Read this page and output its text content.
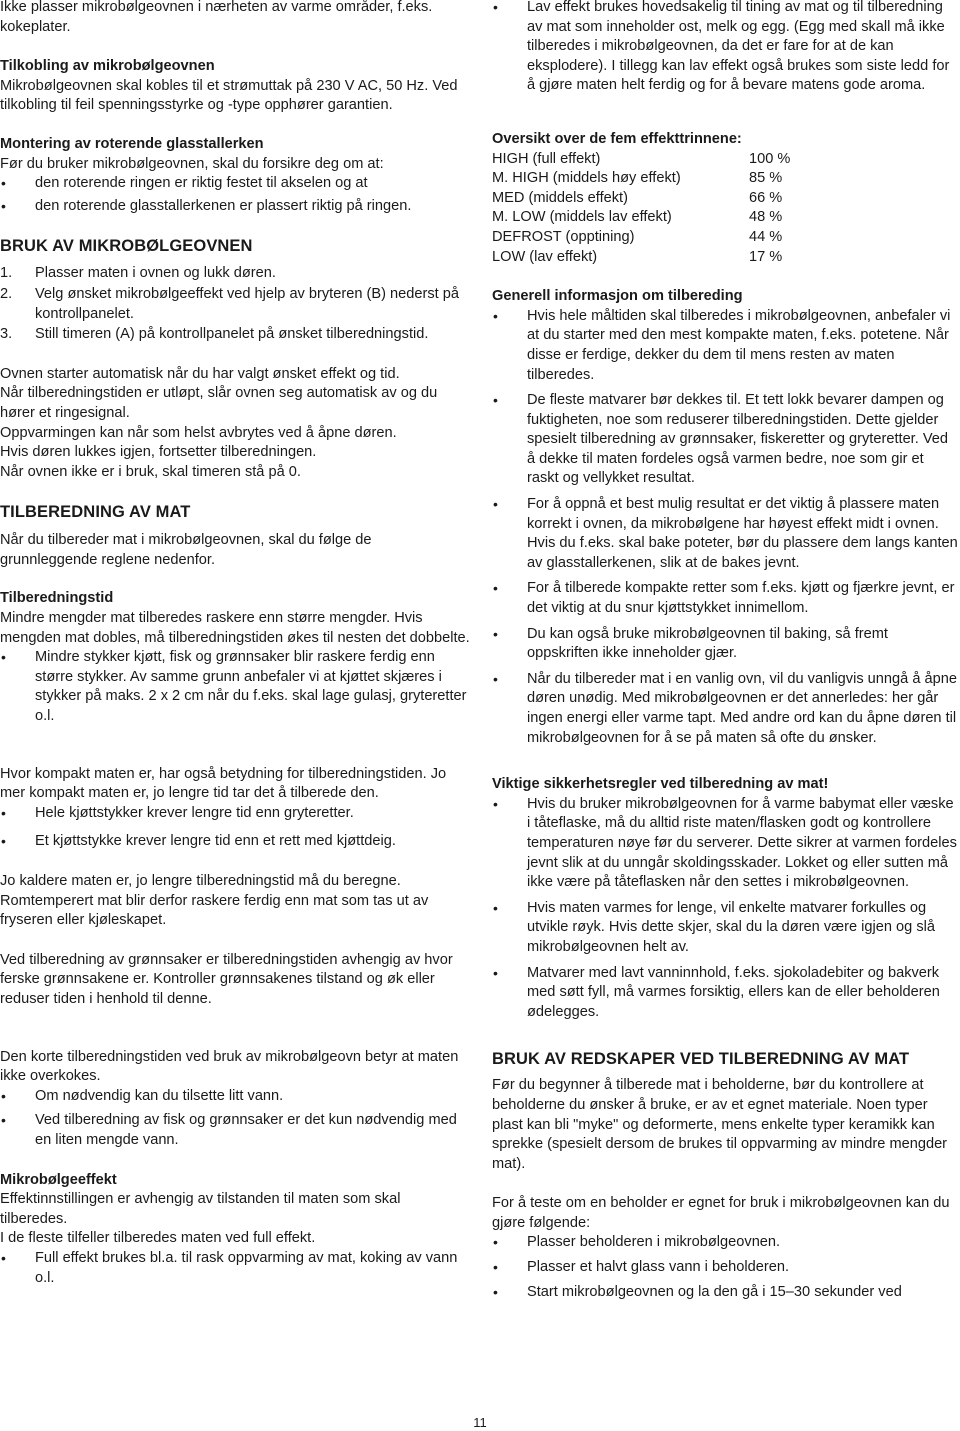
Ikke plasser mikrobølgeovnen i nærheten av varme områder, f.eks. kokeplater.

Tilkobling av mikrobølgeovnen

Mikrobølgeovnen skal kobles til et strømuttak på 230 V AC, 50 Hz. Ved tilkobling til feil spenningsstyrke og -type opphører garantien.

Montering av roterende glasstallerken

Før du bruker mikrobølgeovnen, skal du forsikre deg om at:

• den roterende ringen er riktig festet til akselen og at

• den roterende glasstallerkenen er plassert riktig på ringen.

BRUK AV MIKROBØLGEOVNEN
1. Plasser maten i ovnen og lukk døren.
2. Velg ønsket mikrobølgeeffekt ved hjelp av bryteren (B) nederst på kontrollpanelet.
3. Still timeren (A) på kontrollpanelet på ønsket tilberedningstid.

Ovnen starter automatisk når du har valgt ønsket effekt og tid.

Når tilberedningstiden er utløpt, slår ovnen seg automatisk av og du hører et ringesignal.

Oppvarmingen kan når som helst avbrytes ved å åpne døren.

Hvis døren lukkes igjen, fortsetter tilberedningen.

Når ovnen ikke er i bruk, skal timeren stå på 0.

TILBEREDNING AV MAT

Når du tilbereder mat i mikrobølgeovnen, skal du følge de grunnleggende reglene nedenfor.

Tilberedningstid

Mindre mengder mat tilberedes raskere enn større mengder. Hvis mengden mat dobles, må tilberedningstiden økes til nesten det dobbelte.

• Mindre stykker kjøtt, fisk og grønnsaker blir raskere ferdig enn større stykker. Av samme grunn anbefaler vi at kjøttet skjæres i stykker på maks. 2 x 2 cm når du f.eks. skal lage gulasj, gryteretter o.l.

Hvor kompakt maten er, har også betydning for tilberedningstiden. Jo mer kompakt maten er, jo lengre tid tar det å tilberede den.

• Hele kjøttstykker krever lengre tid enn gryteretter.

• Et kjøttstykke krever lengre tid enn et rett med kjøttdeig.

Jo kaldere maten er, jo lengre tilberedningstid må du beregne. Romtemperert mat blir derfor raskere ferdig enn mat som tas ut av fryseren eller kjøleskapet.

Ved tilberedning av grønnsaker er tilberedningstiden avhengig av hvor ferske grønnsakene er. Kontroller grønnsakenes tilstand og øk eller reduser tiden i henhold til denne.

Den korte tilberedningstiden ved bruk av mikrobølgeovn betyr at maten ikke overkokes.

• Om nødvendig kan du tilsette litt vann.

• Ved tilberedning av fisk og grønnsaker er det kun nødvendig med en liten mengde vann.

Mikrobølgeeffekt

Effektinnstillingen er avhengig av tilstanden til maten som skal tilberedes.

I de fleste tilfeller tilberedes maten ved full effekt.

• Full effekt brukes bl.a. til rask oppvarming av mat, koking av vann o.l.

• Lav effekt brukes hovedsakelig til tining av mat og til tilberedning av mat som inneholder ost, melk og egg. (Egg med skall må ikke tilberedes i mikrobølgeovnen, da det er fare for at de kan eksplodere). I tillegg kan lav effekt også brukes som siste ledd for å gjøre maten helt ferdig og for å bevare matens gode aroma.

Oversikt over de fem effekttrinnene:

HIGH (full effekt)	100 %
M. HIGH (middels høy effekt)	85 %
MED (middels effekt)	66 %
M. LOW (middels lav effekt)	48 %
DEFROST (opptining)	44 %
LOW (lav effekt)	17 %

Generell informasjon om tilbereding

• Hvis hele måltiden skal tilberedes i mikrobølgeovnen, anbefaler vi at du starter med den mest kompakte maten, f.eks. potetene. Når disse er ferdige, dekker du dem til mens resten av maten tilberedes.

• De fleste matvarer bør dekkes til. Et tett lokk bevarer dampen og fuktigheten, noe som reduserer tilberedningstiden. Dette gjelder spesielt tilberedning av grønnsaker, fiskeretter og gryteretter. Ved å dekke til maten fordeles også varmen bedre, noe som gir et raskt og vellykket resultat.

• For å oppnå et best mulig resultat er det viktig å plassere maten korrekt i ovnen, da mikrobølgene har høyest effekt midt i ovnen. Hvis du f.eks. skal bake poteter, bør du plassere dem langs kanten av glasstallerkenen, slik at de bakes jevnt.

• For å tilberede kompakte retter som f.eks. kjøtt og fjærkre jevnt, er det viktig at du snur kjøttstykket innimellom.

• Du kan også bruke mikrobølgeovnen til baking, så fremt oppskriften ikke inneholder gjær.

• Når du tilbereder mat i en vanlig ovn, vil du vanligvis unngå å åpne døren unødig. Med mikrobølgeovnen er det annerledes: her går ingen energi eller varme tapt. Med andre ord kan du åpne døren til mikrobølgeovnen for å se på maten så ofte du ønsker.

Viktige sikkerhetsregler ved tilberedning av mat!

• Hvis du bruker mikrobølgeovnen for å varme babymat eller væske i tåteflaske, må du alltid riste maten/flasken godt og kontrollere temperaturen nøye før du serverer. Dette sikrer at varmen fordeles jevnt slik at du unngår skoldingsskader. Lokket og eller sutten må ikke være på tåteflasken når den settes i mikrobølgeovnen.

• Hvis maten varmes for lenge, vil enkelte matvarer forkulles og utvikle røyk. Hvis dette skjer, skal du la døren være igjen og slå mikrobølgeovnen helt av.

• Matvarer med lavt vanninnhold, f.eks. sjokoladebiter og bakverk med søtt fyll, må varmes forsiktig, ellers kan de eller beholderen ødelegges.

BRUK AV REDSKAPER VED TILBEREDNING AV MAT

Før du begynner å tilberede mat i beholderne, bør du kontrollere at beholderne du ønsker å bruke, er av et egnet materiale. Noen typer plast kan bli "myke" og deformerte, mens enkelte typer keramikk kan sprekke (spesielt dersom de brukes til oppvarming av mindre mengder mat).

For å teste om en beholder er egnet for bruk i mikrobølgeovnen kan du gjøre følgende:

• Plasser beholderen i mikrobølgeovnen.

• Plasser et halvt glass vann i beholderen.

• Start mikrobølgeovnen og la den gå i 15–30 sekunder ved

11
